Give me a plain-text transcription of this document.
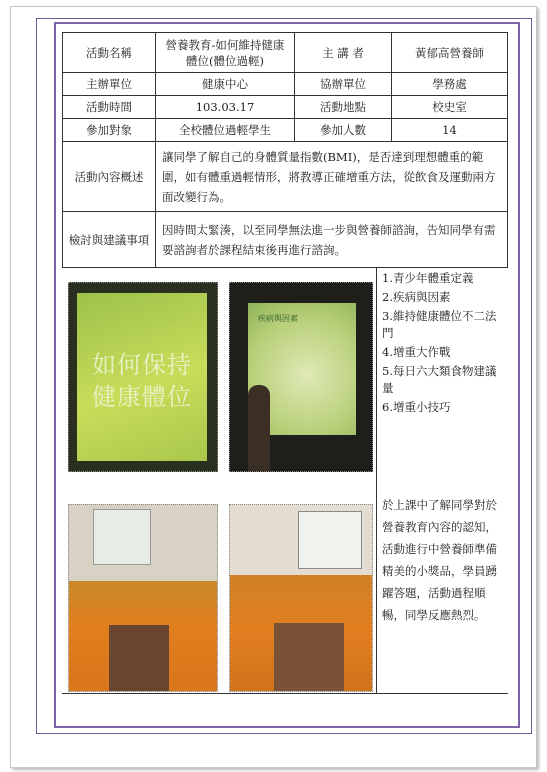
活動名稱	營養教育-如何維持健康體位(體位過輕)	主 講 者	黃郁高營養師
主辦單位	健康中心	協辦單位	學務處
活動時間	103.03.17	活動地點	校史室
參加對象	全校體位過輕學生	參加人數	14
活動內容概述	讓同學了解自己的身體質量指數(BMI)，是否達到理想體重的範圍，如有體重過輕情形，將教導正確增重方法，從飲食及運動兩方面改變行為。		
檢討與建議事項	因時間太緊湊，以至同學無法進一步與營養師諮詢，告知同學有需要諮詢者於課程結束後再進行諮詢。		
如何保持
健康體位
疾病與因素
1.青少年體重定義
2.疾病與因素
3.維持健康體位不二法門
4.增重大作戰
5.每日六大類食物建議量
6.增重小技巧
於上課中了解同學對於營養教育內容的認知，活動進行中營養師準備精美的小獎品，學員踴躍答題，活動過程順暢，同學反應熱烈。
